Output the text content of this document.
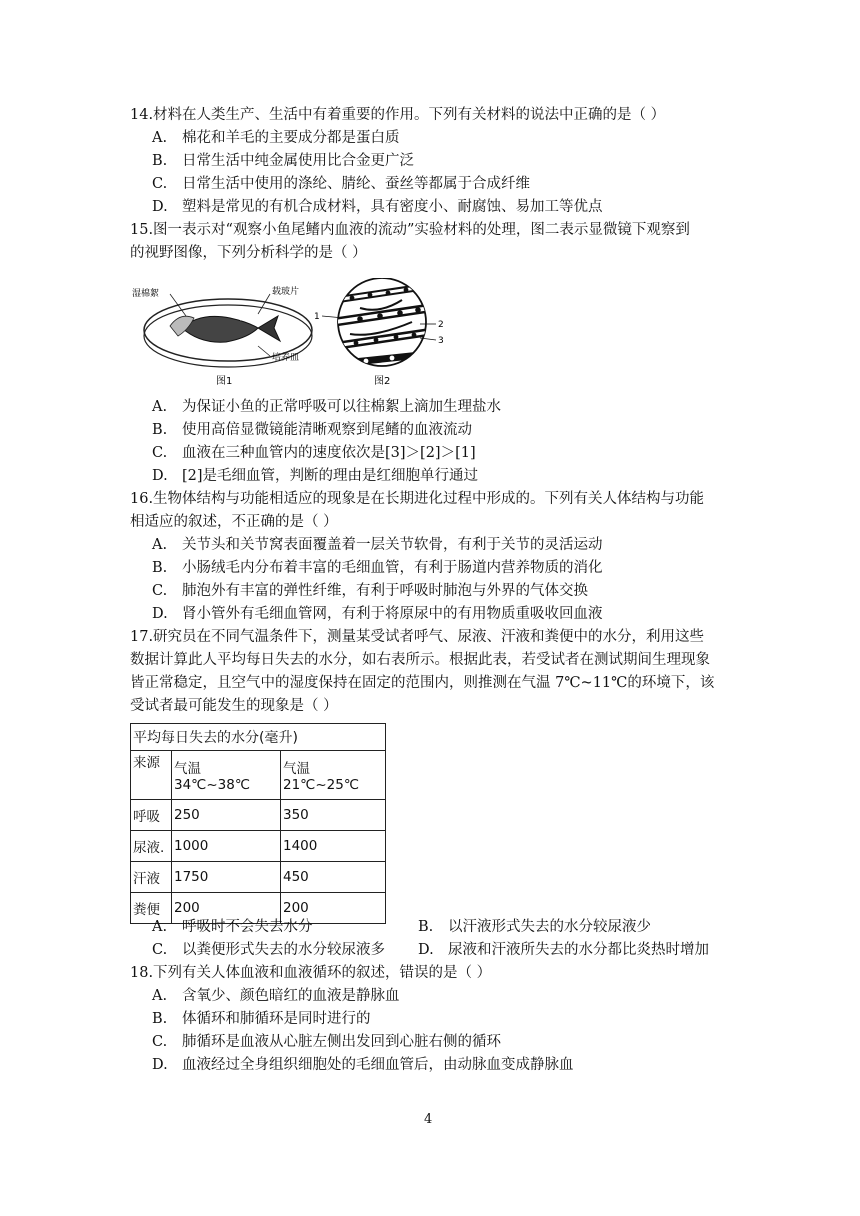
14.材料在人类生产、生活中有着重要的作用。下列有关材料的说法中正确的是（ ）
A. 棉花和羊毛的主要成分都是蛋白质
B. 日常生活中纯金属使用比合金更广泛
C. 日常生活中使用的涤纶、腈纶、蚕丝等都属于合成纤维
D. 塑料是常见的有机合成材料，具有密度小、耐腐蚀、易加工等优点
15.图一表示对“观察小鱼尾鳍内血液的流动”实验材料的处理，图二表示显微镜下观察到
的视野图像，下列分析科学的是（ ）
湿棉絮	载玻片
培养皿
图1
1
2
3
图2
A. 为保证小鱼的正常呼吸可以往棉絮上滴加生理盐水
B. 使用高倍显微镜能清晰观察到尾鳍的血液流动
C. 血液在三种血管内的速度依次是[3]＞[2]＞[1]
D. [2]是毛细血管，判断的理由是红细胞单行通过
16.生物体结构与功能相适应的现象是在长期进化过程中形成的。下列有关人体结构与功能
相适应的叙述，不正确的是（ ）
A. 关节头和关节窝表面覆盖着一层关节软骨，有利于关节的灵活运动
B. 小肠绒毛内分布着丰富的毛细血管，有利于肠道内营养物质的消化
C. 肺泡外有丰富的弹性纤维，有利于呼吸时肺泡与外界的气体交换
D. 肾小管外有毛细血管网，有利于将原尿中的有用物质重吸收回血液
17.研究员在不同气温条件下，测量某受试者呼气、尿液、汗液和粪便中的水分，利用这些
数据计算此人平均每日失去的水分，如右表所示。根据此表，若受试者在测试期间生理现象
皆正常稳定，且空气中的湿度保持在固定的范围内，则推测在气温 7℃~11℃的环境下，该
受试者最可能发生的现象是（ ）
平均每日失去的水分(毫升)		
来源	气温 34℃~38℃	气温 21℃~25℃
呼吸	250	350
尿液.	1000	1400
汗液	1750	450
粪便	200	200
A. 呼吸时不会失去水分	B. 以汗液形式失去的水分较尿液少
C. 以粪便形式失去的水分较尿液多 D. 尿液和汗液所失去的水分都比炎热时增加
18.下列有关人体血液和血液循环的叙述，错误的是（ ）
A. 含氧少、颜色暗红的血液是静脉血
B. 体循环和肺循环是同时进行的
C. 肺循环是血液从心脏左侧出发回到心脏右侧的循环
D. 血液经过全身组织细胞处的毛细血管后，由动脉血变成静脉血
4
